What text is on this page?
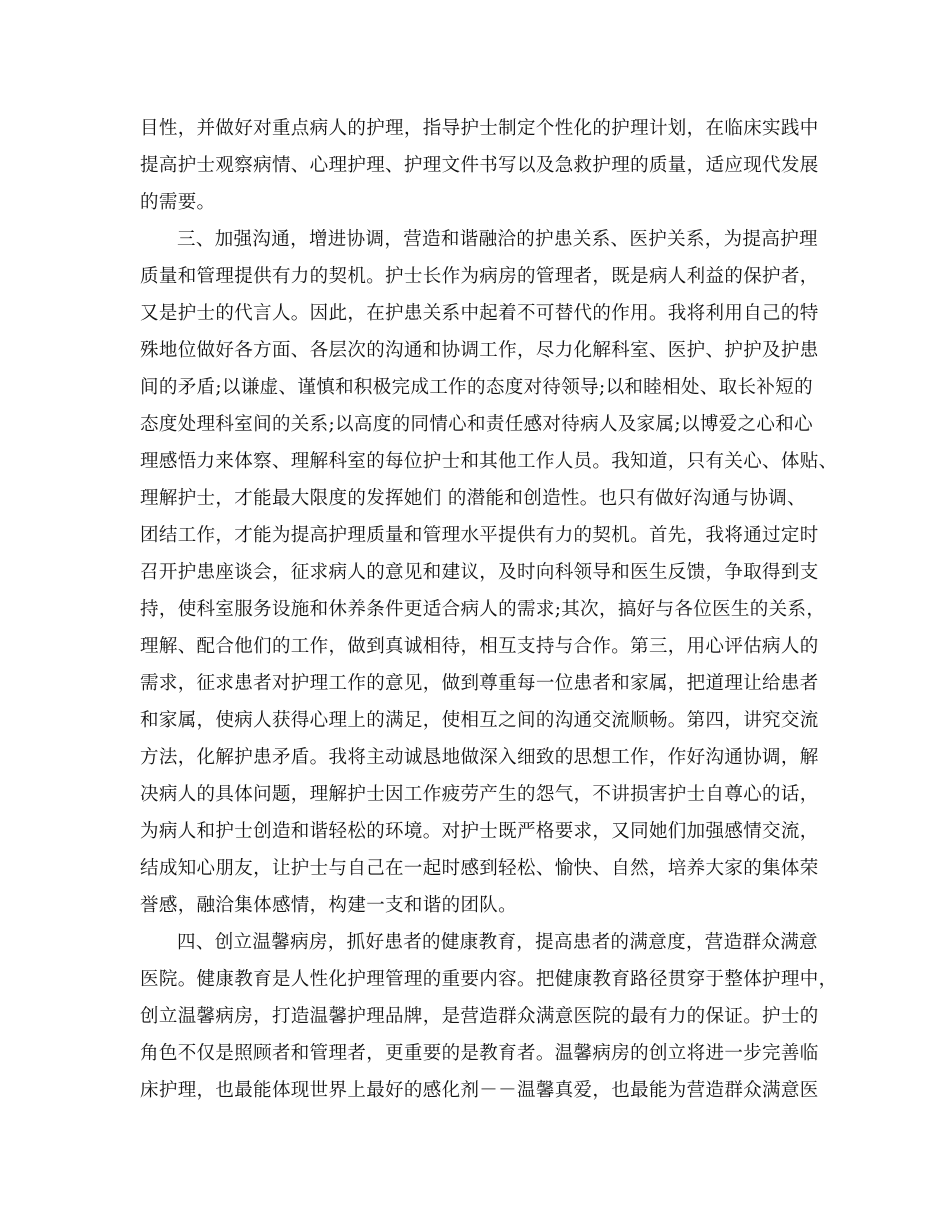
目性，并做好对重点病人的护理，指导护士制定个性化的护理计划，在临床实践中

提高护士观察病情、心理护理、护理文件书写以及急救护理的质量，适应现代发展

的需要。

三、加强沟通，增进协调，营造和谐融洽的护患关系、医护关系，为提高护理

质量和管理提供有力的契机。护士长作为病房的管理者，既是病人利益的保护者，

又是护士的代言人。因此，在护患关系中起着不可替代的作用。我将利用自己的特

殊地位做好各方面、各层次的沟通和协调工作，尽力化解科室、医护、护护及护患

间的矛盾;以谦虚、谨慎和积极完成工作的态度对待领导;以和睦相处、取长补短的

态度处理科室间的关系;以高度的同情心和责任感对待病人及家属;以博爱之心和心

理感悟力来体察、理解科室的每位护士和其他工作人员。我知道，只有关心、体贴、

理解护士，才能最大限度的发挥她们 的潜能和创造性。也只有做好沟通与协调、

团结工作，才能为提高护理质量和管理水平提供有力的契机。首先，我将通过定时

召开护患座谈会，征求病人的意见和建议，及时向科领导和医生反馈，争取得到支

持，使科室服务设施和休养条件更适合病人的需求;其次，搞好与各位医生的关系，

理解、配合他们的工作，做到真诚相待，相互支持与合作。第三，用心评估病人的

需求，征求患者对护理工作的意见，做到尊重每一位患者和家属，把道理让给患者

和家属，使病人获得心理上的满足，使相互之间的沟通交流顺畅。第四，讲究交流

方法，化解护患矛盾。我将主动诚恳地做深入细致的思想工作，作好沟通协调，解

决病人的具体问题，理解护士因工作疲劳产生的怨气，不讲损害护士自尊心的话，

为病人和护士创造和谐轻松的环境。对护士既严格要求，又同她们加强感情交流，

结成知心朋友，让护士与自己在一起时感到轻松、愉快、自然，培养大家的集体荣

誉感，融洽集体感情，构建一支和谐的团队。

四、创立温馨病房，抓好患者的健康教育，提高患者的满意度，营造群众满意

医院。健康教育是人性化护理管理的重要内容。把健康教育路径贯穿于整体护理中，

创立温馨病房，打造温馨护理品牌，是营造群众满意医院的最有力的保证。护士的

角色不仅是照顾者和管理者，更重要的是教育者。温馨病房的创立将进一步完善临

床护理，也最能体现世界上最好的感化剂－－温馨真爱，也最能为营造群众满意医
